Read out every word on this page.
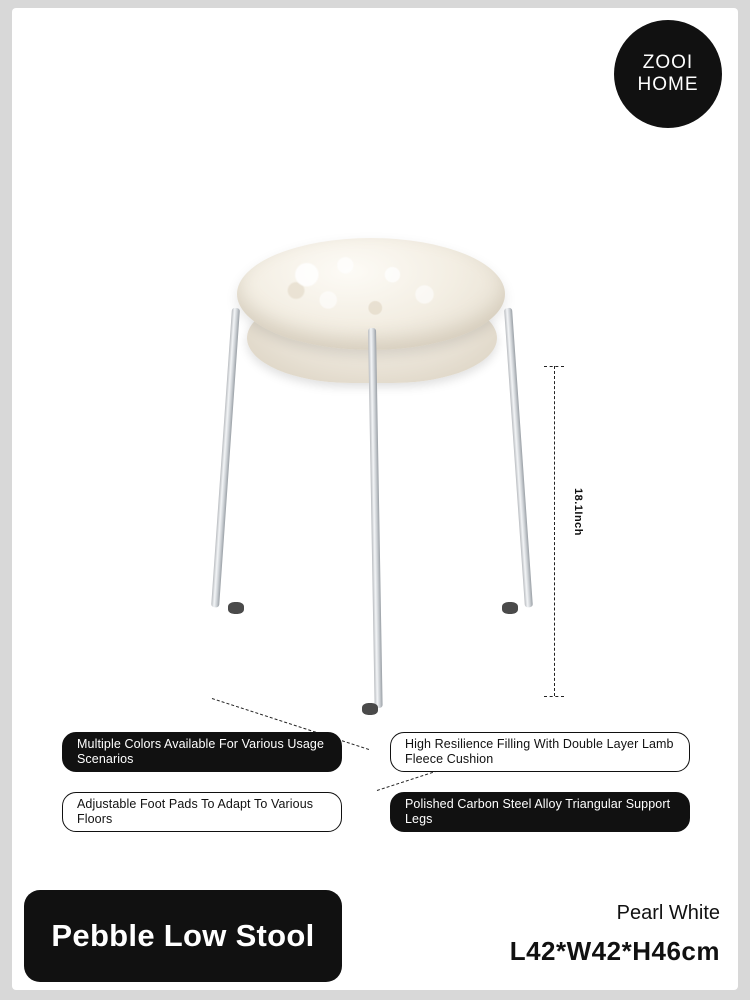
ZOOI
HOME
18.1Inch
Multiple Colors Available For Various Usage Scenarios
High Resilience Filling With Double Layer Lamb Fleece Cushion
Adjustable Foot Pads To Adapt To Various Floors
Polished Carbon Steel Alloy Triangular Support Legs
Pebble Low Stool
Pearl White
L42*W42*H46cm
